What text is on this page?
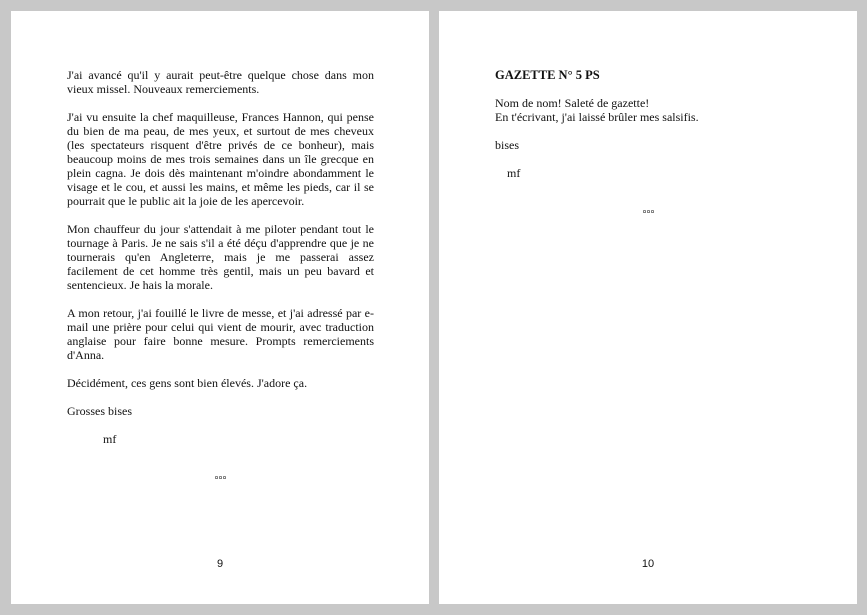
J'ai avancé qu'il y aurait peut-être quelque chose dans mon vieux missel. Nouveaux remerciements.

J'ai vu ensuite la chef maquilleuse, Frances Hannon, qui pense du bien de ma peau, de mes yeux, et surtout de mes cheveux (les spectateurs risquent d'être privés de ce bonheur), mais beaucoup moins de mes trois semaines dans un île grecque en plein cagna. Je dois dès maintenant m'oindre abondamment le visage et le cou, et aussi les mains, et même les pieds, car il se pourrait que le public ait la joie de les apercevoir.

Mon chauffeur du jour s'attendait à me piloter pendant tout le tournage à Paris. Je ne sais s'il a été déçu d'apprendre que je ne tournerais qu'en Angleterre, mais je me passerai assez facilement de cet homme très gentil, mais un peu bavard et sentencieux. Je hais la morale.

A mon retour, j'ai fouillé le livre de messe, et j'ai adressé par e-mail une prière pour celui qui vient de mourir, avec traduction anglaise pour faire bonne mesure. Prompts remerciements d'Anna.

Décidément, ces gens sont bien élevés. J'adore ça.

Grosses bises

mf

°°°

9

GAZETTE N° 5 PS

Nom de nom! Saleté de gazette!
En t'écrivant, j'ai laissé brûler mes salsifis.

bises

mf

°°°

10
